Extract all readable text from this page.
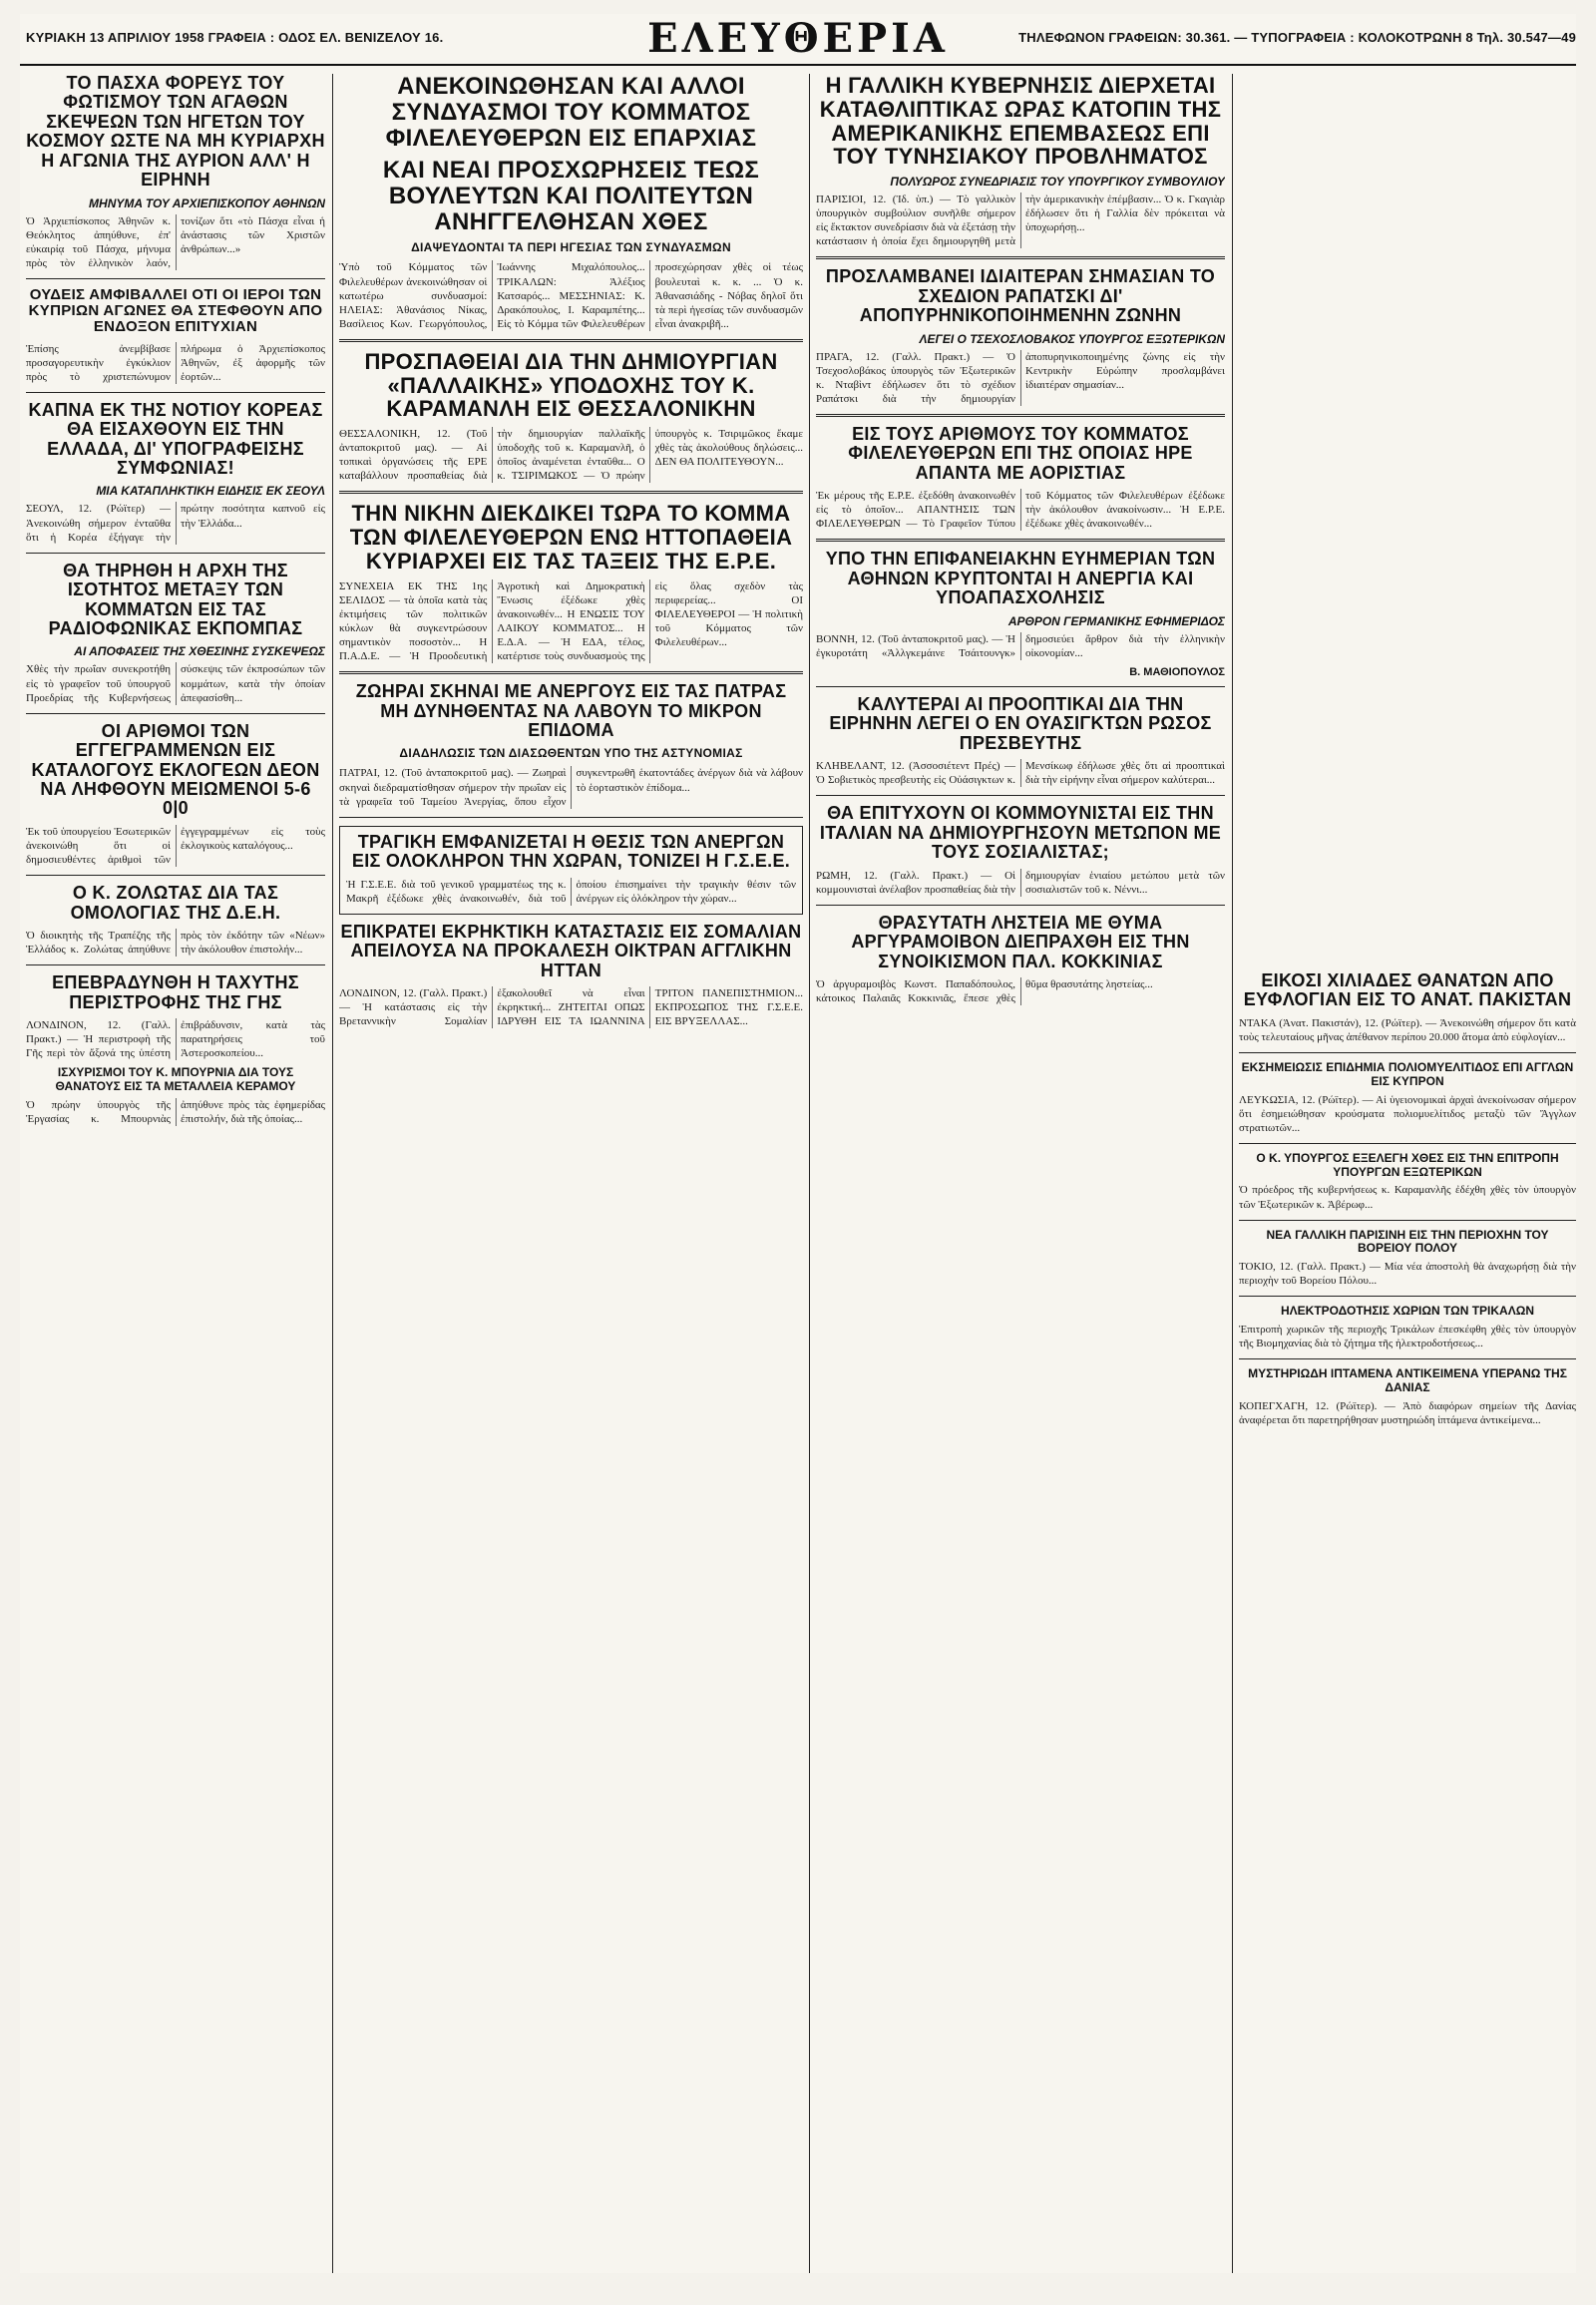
ΚΥΡΙΑΚΗ 13 ΑΠΡΙΛΙΟΥ 1958 ΓΡΑΦΕΙΑ : ΟΔΟΣ ΕΛ. ΒΕΝΙΖΕΛΟΥ 16.	ΕΛΕΥΘΕΡΙΑ	ΤΗΛΕΦΩΝΟΝ ΓΡΑΦΕΙΩΝ: 30.361. — ΤΥΠΟΓΡΑΦΕΙΑ : ΚΟΛΟΚΟΤΡΩΝΗ 8 Τηλ. 30.547—49
ΤΟ ΠΑΣΧΑ ΦΟΡΕΥΣ ΤΟΥ ΦΩΤΙΣΜΟΥ ΤΩΝ ΑΓΑΘΩΝ ΣΚΕΨΕΩΝ ΤΩΝ ΗΓΕΤΩΝ ΤΟΥ ΚΟΣΜΟΥ ΩΣΤΕ ΝΑ ΜΗ ΚΥΡΙΑΡΧΗ Η ΑΓΩΝΙΑ ΤΗΣ ΑΥΡΙΟΝ ΑΛΛ' Η ΕΙΡΗΝΗ
ΜΗΝΥΜΑ ΤΟΥ ΑΡΧΙΕΠΙΣΚΟΠΟΥ ΑΘΗΝΩΝ

Ὁ Ἀρχιεπίσκοπος Ἀθηνῶν κ. Θεόκλητος ἀπηύθυνε, ἐπ' εὐκαιρίᾳ τοῦ Πάσχα, μήνυμα πρὸς τὸν ἑλληνικὸν λαόν, τονίζων ὅτι «τὸ Πάσχα εἶναι ἡ ἀνάστασις τῶν Χριστῶν ἀνθρώπων...»

ΟΥΔΕΙΣ ΑΜΦΙΒΑΛΛΕΙ ΟΤΙ ΟΙ ΙΕΡΟΙ ΤΩΝ ΚΥΠΡΙΩΝ ΑΓΩΝΕΣ ΘΑ ΣΤΕΦΘΟΥΝ ΑΠΟ ΕΝΔΟΞΟΝ ΕΠΙΤΥΧΙΑΝ

Ἐπίσης ἀνεμβίβασε προσαγορευτικὴν ἐγκύκλιον πρὸς τὸ χριστεπώνυμον πλήρωμα ὁ Ἀρχιεπίσκοπος Ἀθηνῶν, ἐξ ἀφορμῆς τῶν ἑορτῶν...

ΚΑΠΝΑ ΕΚ ΤΗΣ ΝΟΤΙΟΥ ΚΟΡΕΑΣ ΘΑ ΕΙΣΑΧΘΟΥΝ ΕΙΣ ΤΗΝ ΕΛΛΑΔΑ, ΔΙ' ΥΠΟΓΡΑΦΕΙΣΗΣ ΣΥΜΦΩΝΙΑΣ!
ΜΙΑ ΚΑΤΑΠΛΗΚΤΙΚΗ ΕΙΔΗΣΙΣ ΕΚ ΣΕΟΥΛ

ΣΕΟΥΛ, 12. (Ρώϊτερ) — Ἀνεκοινώθη σήμερον ἐνταῦθα ὅτι ἡ Κορέα ἐξήγαγε τὴν πρώτην ποσότητα καπνοῦ εἰς τὴν Ἑλλάδα...

ΘΑ ΤΗΡΗΘΗ Η ΑΡΧΗ ΤΗΣ ΙΣΟΤΗΤΟΣ ΜΕΤΑΞΥ ΤΩΝ ΚΟΜΜΑΤΩΝ ΕΙΣ ΤΑΣ ΡΑΔΙΟΦΩΝΙΚΑΣ ΕΚΠΟΜΠΑΣ
ΑΙ ΑΠΟΦΑΣΕΙΣ ΤΗΣ ΧΘΕΣΙΝΗΣ ΣΥΣΚΕΨΕΩΣ

Χθὲς τὴν πρωΐαν συνεκροτήθη εἰς τὸ γραφεῖον τοῦ ὑπουργοῦ Προεδρίας τῆς Κυβερνήσεως σύσκεψις τῶν ἐκπροσώπων τῶν κομμάτων, κατὰ τὴν ὁποίαν ἀπεφασίσθη...

ΟΙ ΑΡΙΘΜΟΙ ΤΩΝ ΕΓΓΕΓΡΑΜΜΕΝΩΝ ΕΙΣ ΚΑΤΑΛΟΓΟΥΣ ΕΚΛΟΓΕΩΝ ΔΕΟΝ ΝΑ ΛΗΦΘΟΥΝ ΜΕΙΩΜΕΝΟΙ 5-6 0|0

Ἐκ τοῦ ὑπουργείου Ἐσωτερικῶν ἀνεκοινώθη ὅτι οἱ δημοσιευθέντες ἀριθμοὶ τῶν ἐγγεγραμμένων εἰς τοὺς ἐκλογικοὺς καταλόγους...

Ο Κ. ΖΟΛΩΤΑΣ ΔΙΑ ΤΑΣ ΟΜΟΛΟΓΙΑΣ ΤΗΣ Δ.Ε.Η.

Ὁ διοικητὴς τῆς Τραπέζης τῆς Ἑλλάδος κ. Ζολώτας ἀπηύθυνε πρὸς τὸν ἐκδότην τῶν «Νέων» τὴν ἀκόλουθον ἐπιστολήν...

ΕΠΕΒΡΑΔΥΝΘΗ Η ΤΑΧΥΤΗΣ ΠΕΡΙΣΤΡΟΦΗΣ ΤΗΣ ΓΗΣ

ΛΟΝΔΙΝΟΝ, 12. (Γαλλ. Πρακτ.) — Ἡ περιστροφὴ τῆς Γῆς περὶ τὸν ἄξονά της ὑπέστη ἐπιβράδυνσιν, κατὰ τὰς παρατηρήσεις τοῦ Ἀστεροσκοπείου...

ΙΣΧΥΡΙΣΜΟΙ ΤΟΥ Κ. ΜΠΟΥΡΝΙΑ ΔΙΑ ΤΟΥΣ ΘΑΝΑΤΟΥΣ ΕΙΣ ΤΑ ΜΕΤΑΛΛΕΙΑ ΚΕΡΑΜΟΥ

Ὁ πρώην ὑπουργὸς τῆς Ἐργασίας κ. Μπουρνιὰς ἀπηύθυνε πρὸς τὰς ἐφημερίδας ἐπιστολήν, διὰ τῆς ὁποίας...

ΑΝΕΚΟΙΝΩΘΗΣΑΝ ΚΑΙ ΑΛΛΟΙ ΣΥΝΔΥΑΣΜΟΙ ΤΟΥ ΚΟΜΜΑΤΟΣ ΦΙΛΕΛΕΥΘΕΡΩΝ ΕΙΣ ΕΠΑΡΧΙΑΣ
ΚΑΙ ΝΕΑΙ ΠΡΟΣΧΩΡΗΣΕΙΣ ΤΕΩΣ ΒΟΥΛΕΥΤΩΝ ΚΑΙ ΠΟΛΙΤΕΥΤΩΝ ΑΝΗΓΓΕΛΘΗΣΑΝ ΧΘΕΣ
ΔΙΑΨΕΥΔΟΝΤΑΙ ΤΑ ΠΕΡΙ ΗΓΕΣΙΑΣ ΤΩΝ ΣΥΝΔΥΑΣΜΩΝ

Ὑπὸ τοῦ Κόμματος τῶν Φιλελευθέρων ἀνεκοινώθησαν οἱ κατωτέρω συνδυασμοί: ΗΛΕΙΑΣ: Ἀθανάσιος Νίκας, Βασίλειος Κων. Γεωργόπουλος, Ἰωάννης Μιχαλόπουλος... ΤΡΙΚΑΛΩΝ: Ἀλέξιος Κατσαρός... ΜΕΣΣΗΝΙΑΣ: Κ. Δρακόπουλος, Ι. Καραμπέτης... Εἰς τὸ Κόμμα τῶν Φιλελευθέρων προσεχώρησαν χθὲς οἱ τέως βουλευταὶ κ. κ. ... Ὁ κ. Ἀθανασιάδης - Νόβας δηλοῖ ὅτι τὰ περὶ ἡγεσίας τῶν συνδυασμῶν εἶναι ἀνακριβῆ...

ΠΡΟΣΠΑΘΕΙΑΙ ΔΙΑ ΤΗΝ ΔΗΜΙΟΥΡΓΙΑΝ «ΠΑΛΛΑΙΚΗΣ» ΥΠΟΔΟΧΗΣ ΤΟΥ Κ. ΚΑΡΑΜΑΝΛΗ ΕΙΣ ΘΕΣΣΑΛΟΝΙΚΗΝ

ΘΕΣΣΑΛΟΝΙΚΗ, 12. (Τοῦ ἀνταποκριτοῦ μας). — Αἱ τοπικαὶ ὀργανώσεις τῆς ΕΡΕ καταβάλλουν προσπαθείας διὰ τὴν δημιουργίαν παλλαϊκῆς ὑποδοχῆς τοῦ κ. Καραμανλῆ, ὁ ὁποῖος ἀναμένεται ἐνταῦθα... Ο κ. ΤΣΙΡΙΜΩΚΟΣ — Ὁ πρώην ὑπουργὸς κ. Τσιριμῶκος ἔκαμε χθὲς τὰς ἀκολούθους δηλώσεις... ΔΕΝ ΘΑ ΠΟΛΙΤΕΥΘΟΥΝ...

ΤΗΝ ΝΙΚΗΝ ΔΙΕΚΔΙΚΕΙ ΤΩΡΑ ΤΟ ΚΟΜΜΑ ΤΩΝ ΦΙΛΕΛΕΥΘΕΡΩΝ ΕΝΩ ΗΤΤΟΠΑΘΕΙΑ ΚΥΡΙΑΡΧΕΙ ΕΙΣ ΤΑΣ ΤΑΞΕΙΣ ΤΗΣ Ε.Ρ.Ε.

ΣΥΝΕΧΕΙΑ ΕΚ ΤΗΣ 1ης ΣΕΛΙΔΟΣ — τὰ ὁποῖα κατὰ τὰς ἐκτιμήσεις τῶν πολιτικῶν κύκλων θὰ συγκεντρώσουν σημαντικὸν ποσοστὸν... Η Π.Α.Δ.Ε. — Ἡ Προοδευτικὴ Ἀγροτικὴ καὶ Δημοκρατικὴ Ἕνωσις ἐξέδωκε χθὲς ἀνακοινωθέν... Η ΕΝΩΣΙΣ ΤΟΥ ΛΑΙΚΟΥ ΚΟΜΜΑΤΟΣ... Η Ε.Δ.Α. — Ἡ ΕΔΑ, τέλος, κατέρτισε τοὺς συνδυασμοὺς της εἰς ὅλας σχεδὸν τὰς περιφερείας... ΟΙ ΦΙΛΕΛΕΥΘΕΡΟΙ — Ἡ πολιτικὴ τοῦ Κόμματος τῶν Φιλελευθέρων...

ΖΩΗΡΑΙ ΣΚΗΝΑΙ ΜΕ ΑΝΕΡΓΟΥΣ ΕΙΣ ΤΑΣ ΠΑΤΡΑΣ ΜΗ ΔΥΝΗΘΕΝΤΑΣ ΝΑ ΛΑΒΟΥΝ ΤΟ ΜΙΚΡΟΝ ΕΠΙΔΟΜΑ
ΔΙΑΔΗΛΩΣΙΣ ΤΩΝ ΔΙΑΣΩΘΕΝΤΩΝ ΥΠΟ ΤΗΣ ΑΣΤΥΝΟΜΙΑΣ

ΠΑΤΡΑΙ, 12. (Τοῦ ἀνταποκριτοῦ μας). — Ζωηραὶ σκηναὶ διεδραματίσθησαν σήμερον τὴν πρωΐαν εἰς τὰ γραφεῖα τοῦ Ταμείου Ἀνεργίας, ὅπου εἶχον συγκεντρωθῆ ἑκατοντάδες ἀνέργων διὰ νὰ λάβουν τὸ ἑορταστικὸν ἐπίδομα...

ΤΡΑΓΙΚΗ ΕΜΦΑΝΙΖΕΤΑΙ Η ΘΕΣΙΣ ΤΩΝ ΑΝΕΡΓΩΝ ΕΙΣ ΟΛΟΚΛΗΡΟΝ ΤΗΝ ΧΩΡΑΝ, ΤΟΝΙΖΕΙ Η Γ.Σ.Ε.Ε.

Ἡ Γ.Σ.Ε.Ε. διὰ τοῦ γενικοῦ γραμματέως της κ. Μακρῆ ἐξέδωκε χθὲς ἀνακοινωθέν, διὰ τοῦ ὁποίου ἐπισημαίνει τὴν τραγικὴν θέσιν τῶν ἀνέργων εἰς ὁλόκληρον τὴν χώραν...

ΕΠΙΚΡΑΤΕΙ ΕΚΡΗΚΤΙΚΗ ΚΑΤΑΣΤΑΣΙΣ ΕΙΣ ΣΟΜΑΛΙΑΝ ΑΠΕΙΛΟΥΣΑ ΝΑ ΠΡΟΚΑΛΕΣΗ ΟΙΚΤΡΑΝ ΑΓΓΛΙΚΗΝ ΗΤΤΑΝ

ΛΟΝΔΙΝΟΝ, 12. (Γαλλ. Πρακτ.) — Ἡ κατάστασις εἰς τὴν Βρεταννικὴν Σομαλίαν ἐξακολουθεῖ νὰ εἶναι ἐκρηκτική... ΖΗΤΕΙΤΑΙ ΟΠΩΣ ΙΔΡΥΘΗ ΕΙΣ ΤΑ ΙΩΑΝΝΙΝΑ ΤΡΙΤΟΝ ΠΑΝΕΠΙΣΤΗΜΙΟΝ... ΕΚΠΡΟΣΩΠΟΣ ΤΗΣ Γ.Σ.Ε.Ε. ΕΙΣ ΒΡΥΞΕΛΛΑΣ...

Η ΓΑΛΛΙΚΗ ΚΥΒΕΡΝΗΣΙΣ ΔΙΕΡΧΕΤΑΙ ΚΑΤΑΘΛΙΠΤΙΚΑΣ ΩΡΑΣ ΚΑΤΟΠΙΝ ΤΗΣ ΑΜΕΡΙΚΑΝΙΚΗΣ ΕΠΕΜΒΑΣΕΩΣ ΕΠΙ ΤΟΥ ΤΥΝΗΣΙΑΚΟΥ ΠΡΟΒΛΗΜΑΤΟΣ
ΠΟΛΥΩΡΟΣ ΣΥΝΕΔΡΙΑΣΙΣ ΤΟΥ ΥΠΟΥΡΓΙΚΟΥ ΣΥΜΒΟΥΛΙΟΥ

ΠΑΡΙΣΙΟΙ, 12. (Ἰδ. ὑπ.) — Τὸ γαλλικὸν ὑπουργικὸν συμβούλιον συνῆλθε σήμερον εἰς ἔκτακτον συνεδρίασιν διὰ νὰ ἐξετάσῃ τὴν κατάστασιν ἡ ὁποία ἔχει δημιουργηθῆ μετὰ τὴν ἀμερικανικὴν ἐπέμβασιν... Ὁ κ. Γκαγιὰρ ἐδήλωσεν ὅτι ἡ Γαλλία δὲν πρόκειται νὰ ὑποχωρήσῃ...

ΠΡΟΣΛΑΜΒΑΝΕΙ ΙΔΙΑΙΤΕΡΑΝ ΣΗΜΑΣΙΑΝ ΤΟ ΣΧΕΔΙΟΝ ΡΑΠΑΤΣΚΙ ΔΙ' ΑΠΟΠΥΡΗΝΙΚΟΠΟΙΗΜΕΝΗΝ ΖΩΝΗΝ
ΛΕΓΕΙ Ο ΤΣΕΧΟΣΛΟΒΑΚΟΣ ΥΠΟΥΡΓΟΣ ΕΞΩΤΕΡΙΚΩΝ

ΠΡΑΓΑ, 12. (Γαλλ. Πρακτ.) — Ὁ Τσεχοσλοβάκος ὑπουργὸς τῶν Ἐξωτερικῶν κ. Νταβὶντ ἐδήλωσεν ὅτι τὸ σχέδιον Ραπάτσκι διὰ τὴν δημιουργίαν ἀποπυρηνικοποιημένης ζώνης εἰς τὴν Κεντρικὴν Εὐρώπην προσλαμβάνει ἰδιαιτέραν σημασίαν...

ΕΙΣ ΤΟΥΣ ΑΡΙΘΜΟΥΣ ΤΟΥ ΚΟΜΜΑΤΟΣ ΦΙΛΕΛΕΥΘΕΡΩΝ ΕΠΙ ΤΗΣ ΟΠΟΙΑΣ ΗΡΕ ΑΠΑΝΤΑ ΜΕ ΑΟΡΙΣΤΙΑΣ

Ἐκ μέρους τῆς Ε.Ρ.Ε. ἐξεδόθη ἀνακοινωθέν εἰς τὸ ὁποῖον... ΑΠΑΝΤΗΣΙΣ ΤΩΝ ΦΙΛΕΛΕΥΘΕΡΩΝ — Τὸ Γραφεῖον Τύπου τοῦ Κόμματος τῶν Φιλελευθέρων ἐξέδωκε τὴν ἀκόλουθον ἀνακοίνωσιν... Ἡ Ε.Ρ.Ε. ἐξέδωκε χθὲς ἀνακοινωθέν...

ΥΠΟ ΤΗΝ ΕΠΙΦΑΝΕΙΑΚΗΝ ΕΥΗΜΕΡΙΑΝ ΤΩΝ ΑΘΗΝΩΝ ΚΡΥΠΤΟΝΤΑΙ Η ΑΝΕΡΓΙΑ ΚΑΙ ΥΠΟΑΠΑΣΧΟΛΗΣΙΣ
ΑΡΘΡΟΝ ΓΕΡΜΑΝΙΚΗΣ ΕΦΗΜΕΡΙΔΟΣ

ΒΟΝΝΗ, 12. (Τοῦ ἀνταποκριτοῦ μας). — Ἡ ἐγκυροτάτη «Ἀλλγκεμάινε Τσάιτουνγκ» δημοσιεύει ἄρθρον διὰ τὴν ἑλληνικὴν οἰκονομίαν...

Β. ΜΑΘΙΟΠΟΥΛΟΣ
ΚΑΛΥΤΕΡΑΙ ΑΙ ΠΡΟΟΠΤΙΚΑΙ ΔΙΑ ΤΗΝ ΕΙΡΗΝΗΝ ΛΕΓΕΙ Ο ΕΝ ΟΥΑΣΙΓΚΤΩΝ ΡΩΣΟΣ ΠΡΕΣΒΕΥΤΗΣ

ΚΛΗΒΕΛΑΝΤ, 12. (Ἀσσοσιέτεντ Πρές) — Ὁ Σοβιετικὸς πρεσβευτὴς εἰς Οὐάσιγκτων κ. Μενσίκωφ ἐδήλωσε χθὲς ὅτι αἱ προοπτικαὶ διὰ τὴν εἰρήνην εἶναι σήμερον καλύτεραι...

ΘΑ ΕΠΙΤΥΧΟΥΝ ΟΙ ΚΟΜΜΟΥΝΙΣΤΑΙ ΕΙΣ ΤΗΝ ΙΤΑΛΙΑΝ ΝΑ ΔΗΜΙΟΥΡΓΗΣΟΥΝ ΜΕΤΩΠΟΝ ΜΕ ΤΟΥΣ ΣΟΣΙΑΛΙΣΤΑΣ;

ΡΩΜΗ, 12. (Γαλλ. Πρακτ.) — Οἱ κομμουνισταὶ ἀνέλαβον προσπαθείας διὰ τὴν δημιουργίαν ἑνιαίου μετώπου μετὰ τῶν σοσιαλιστῶν τοῦ κ. Νέννι...

ΘΡΑΣΥΤΑΤΗ ΛΗΣΤΕΙΑ ΜΕ ΘΥΜΑ ΑΡΓΥΡΑΜΟΙΒΟΝ ΔΙΕΠΡΑΧΘΗ ΕΙΣ ΤΗΝ ΣΥΝΟΙΚΙΣΜΟΝ ΠΑΛ. ΚΟΚΚΙΝΙΑΣ

Ὁ ἀργυραμοιβὸς Κωνστ. Παπαδόπουλος, κάτοικος Παλαιᾶς Κοκκινιᾶς, ἔπεσε χθὲς θῦμα θρασυτάτης ληστείας...	ΕΙΚΟΣΙ ΧΙΛΙΑΔΕΣ ΘΑΝΑΤΩΝ ΑΠΟ ΕΥΦΛΟΓΙΑΝ ΕΙΣ ΤΟ ΑΝΑΤ. ΠΑΚΙΣΤΑΝ

ΝΤΑΚΑ (Ἀνατ. Πακιστάν), 12. (Ρώϊτερ). — Ἀνεκοινώθη σήμερον ὅτι κατὰ τοὺς τελευταίους μῆνας ἀπέθανον περίπου 20.000 ἄτομα ἀπὸ εὐφλογίαν...

ΕΚΣΗΜΕΙΩΣΙΣ ΕΠΙΔΗΜΙΑ ΠΟΛΙΟΜΥΕΛΙΤΙΔΟΣ ΕΠΙ ΑΓΓΛΩΝ ΕΙΣ ΚΥΠΡΟΝ

ΛΕΥΚΩΣΙΑ, 12. (Ρώϊτερ). — Αἱ ὑγειονομικαὶ ἀρχαὶ ἀνεκοίνωσαν σήμερον ὅτι ἐσημειώθησαν κρούσματα πολιομυελίτιδος μεταξὺ τῶν Ἄγγλων στρατιωτῶν...

Ο Κ. ΥΠΟΥΡΓΟΣ ΕΞΕΛΕΓΗ ΧΘΕΣ ΕΙΣ ΤΗΝ ΕΠΙΤΡΟΠΗ ΥΠΟΥΡΓΩΝ ΕΞΩΤΕΡΙΚΩΝ

Ὁ πρόεδρος τῆς κυβερνήσεως κ. Καραμανλῆς ἐδέχθη χθὲς τὸν ὑπουργὸν τῶν Ἐξωτερικῶν κ. Ἀβέρωφ...

ΝΕΑ ΓΑΛΛΙΚΗ ΠΑΡΙΣΙΝΗ ΕΙΣ ΤΗΝ ΠΕΡΙΟΧΗΝ ΤΟΥ ΒΟΡΕΙΟΥ ΠΟΛΟΥ

ΤΟΚΙΟ, 12. (Γαλλ. Πρακτ.) — Μία νέα ἀποστολὴ θὰ ἀναχωρήσῃ διὰ τὴν περιοχὴν τοῦ Βορείου Πόλου...

ΗΛΕΚΤΡΟΔΟΤΗΣΙΣ ΧΩΡΙΩΝ ΤΩΝ ΤΡΙΚΑΛΩΝ

Ἐπιτροπὴ χωρικῶν τῆς περιοχῆς Τρικάλων ἐπεσκέφθη χθὲς τὸν ὑπουργὸν τῆς Βιομηχανίας διὰ τὸ ζήτημα τῆς ἠλεκτροδοτήσεως...

ΜΥΣΤΗΡΙΩΔΗ ΙΠΤΑΜΕΝΑ ΑΝΤΙΚΕΙΜΕΝΑ ΥΠΕΡΑΝΩ ΤΗΣ ΔΑΝΙΑΣ

ΚΟΠΕΓΧΑΓΗ, 12. (Ρώϊτερ). — Ἀπὸ διαφόρων σημείων τῆς Δανίας ἀναφέρεται ὅτι παρετηρήθησαν μυστηριώδη ἱπτάμενα ἀντικείμενα...
